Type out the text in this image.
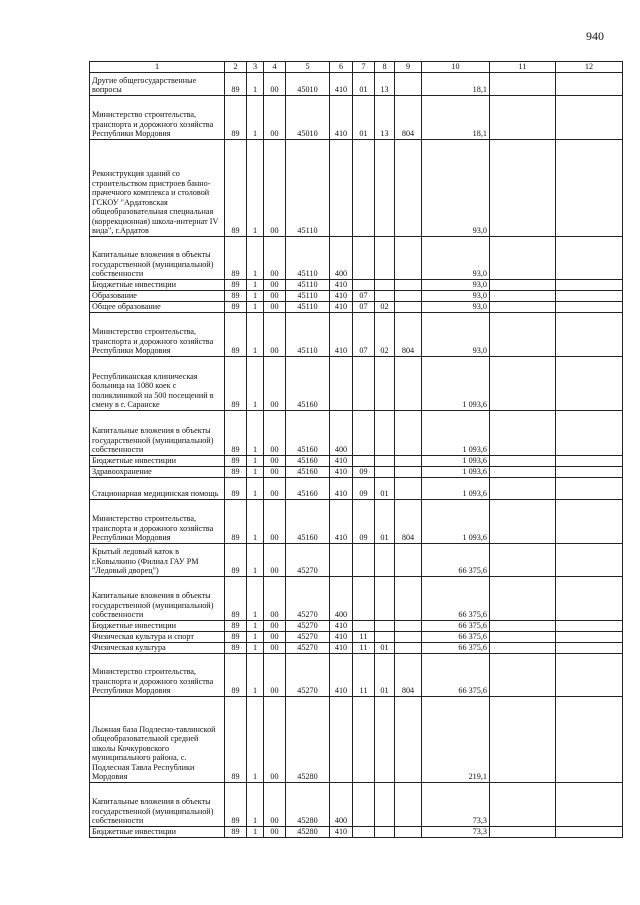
940
1	2	3	4	5	6	7	8	9	10	11	12
Другие общегосударственные вопросы	89	1	00	45010	410	01	13		18,1		
Министерство строительства, транспорта и дорожного хозяйства Республики Мордовия	89	1	00	45010	410	01	13	804	18,1		
Реконструкция зданий со строительством пристроев банно-прачечного комплекса и столовой ГСКОУ "Ардатовская общеобразовательная специальная (коррекционная) школа-интернат IV вида", г.Ардатов	89	1	00	45110					93,0		
Капитальные вложения в объекты государственной (муниципальной) собственности	89	1	00	45110	400				93,0		
Бюджетные инвестиции	89	1	00	45110	410				93,0		
Образование	89	1	00	45110	410	07			93,0		
Общее образование	89	1	00	45110	410	07	02		93,0		
Министерство строительства, транспорта и дорожного хозяйства Республики Мордовия	89	1	00	45110	410	07	02	804	93,0		
Республиканская клиническая больница на 1080 коек с поликлиникой на 500 посещений в смену в г. Саранске	89	1	00	45160					1 093,6		
Капитальные вложения в объекты государственной (муниципальной) собственности	89	1	00	45160	400				1 093,6		
Бюджетные инвестиции	89	1	00	45160	410				1 093,6		
Здравоохранение	89	1	00	45160	410	09			1 093,6		
Стационарная медицинская помощь	89	1	00	45160	410	09	01		1 093,6		
Министерство строительства, транспорта и дорожного хозяйства Республики Мордовия	89	1	00	45160	410	09	01	804	1 093,6		
Крытый ледовый каток в г.Ковылкино (Филиал ГАУ РМ "Ледовый дворец")	89	1	00	45270					66 375,6		
Капитальные вложения в объекты государственной (муниципальной) собственности	89	1	00	45270	400				66 375,6		
Бюджетные инвестиции	89	1	00	45270	410				66 375,6		
Физическая культура и спорт	89	1	00	45270	410	11			66 375,6		
Физическая культура	89	1	00	45270	410	11	01		66 375,6		
Министерство строительства, транспорта и дорожного хозяйства Республики Мордовия	89	1	00	45270	410	11	01	804	66 375,6		
Лыжная база Подлесно-тавлинской общеобразовательной средней школы Кочкуровского муниципального района, с. Подлесная Тавла Республики Мордовия	89	1	00	45280					219,1		
Капитальные вложения в объекты государственной (муниципальной) собственности	89	1	00	45280	400				73,3		
Бюджетные инвестиции	89	1	00	45280	410				73,3		
